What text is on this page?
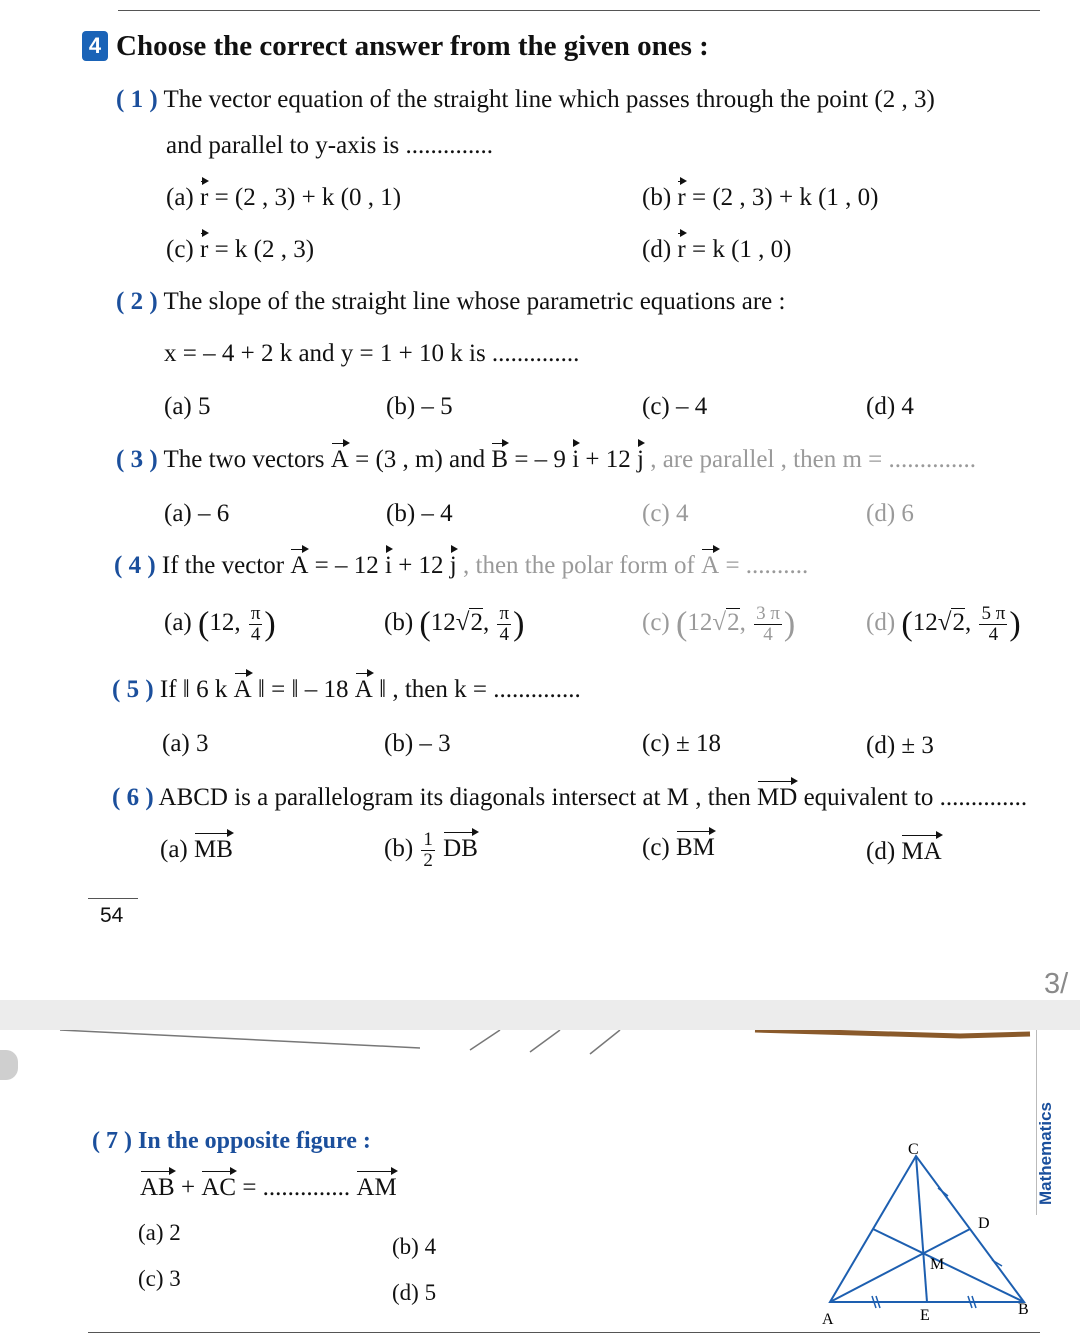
4 Choose the correct answer from the given ones :
( 1 ) The vector equation of the straight line which passes through the point (2 , 3)
and parallel to y-axis is ..............
(a) r = (2 , 3) + k (0 , 1)	(b) r = (2 , 3) + k (1 , 0)
(c) r = k (2 , 3)	(d) r = k (1 , 0)
( 2 ) The slope of the straight line whose parametric equations are :
x = – 4 + 2 k and y = 1 + 10 k is ..............
(a) 5	(b) – 5	(c) – 4	(d) 4
( 3 ) The two vectors A = (3 , m) and B = – 9 i + 12 j , are parallel , then m = ..............
(a) – 6	(b) – 4	(c) 4	(d) 6
( 4 ) If the vector A = – 12 i + 12 j , then the polar form of A = ..........
(a) (12, $\frac{\pi}{4}$ )	(b) (12√2, $\frac{\pi}{4}$ )	(c) (12√2, $\frac{3 \pi}{4}$ )	(d) (12√2, $\frac{5 \pi}{4}$ )
( 5 ) If ‖ 6 k A ‖ = ‖ – 18 A ‖ , then k = ..............
(a) 3	(b) – 3	(c) ± 18	(d) ± 3
( 6 ) ABCD is a parallelogram its diagonals intersect at M , then MD equivalent to ..............
(a) MB	$(b) \frac{1}{2}$ DB	(c) BM	(d) MA
54
3/
Mathematics
( 7 ) In the opposite figure :
AB + AC = .............. AM
(a) 2
(b) 4
(c) 3
(d) 5
C
D
M
A	E	B
